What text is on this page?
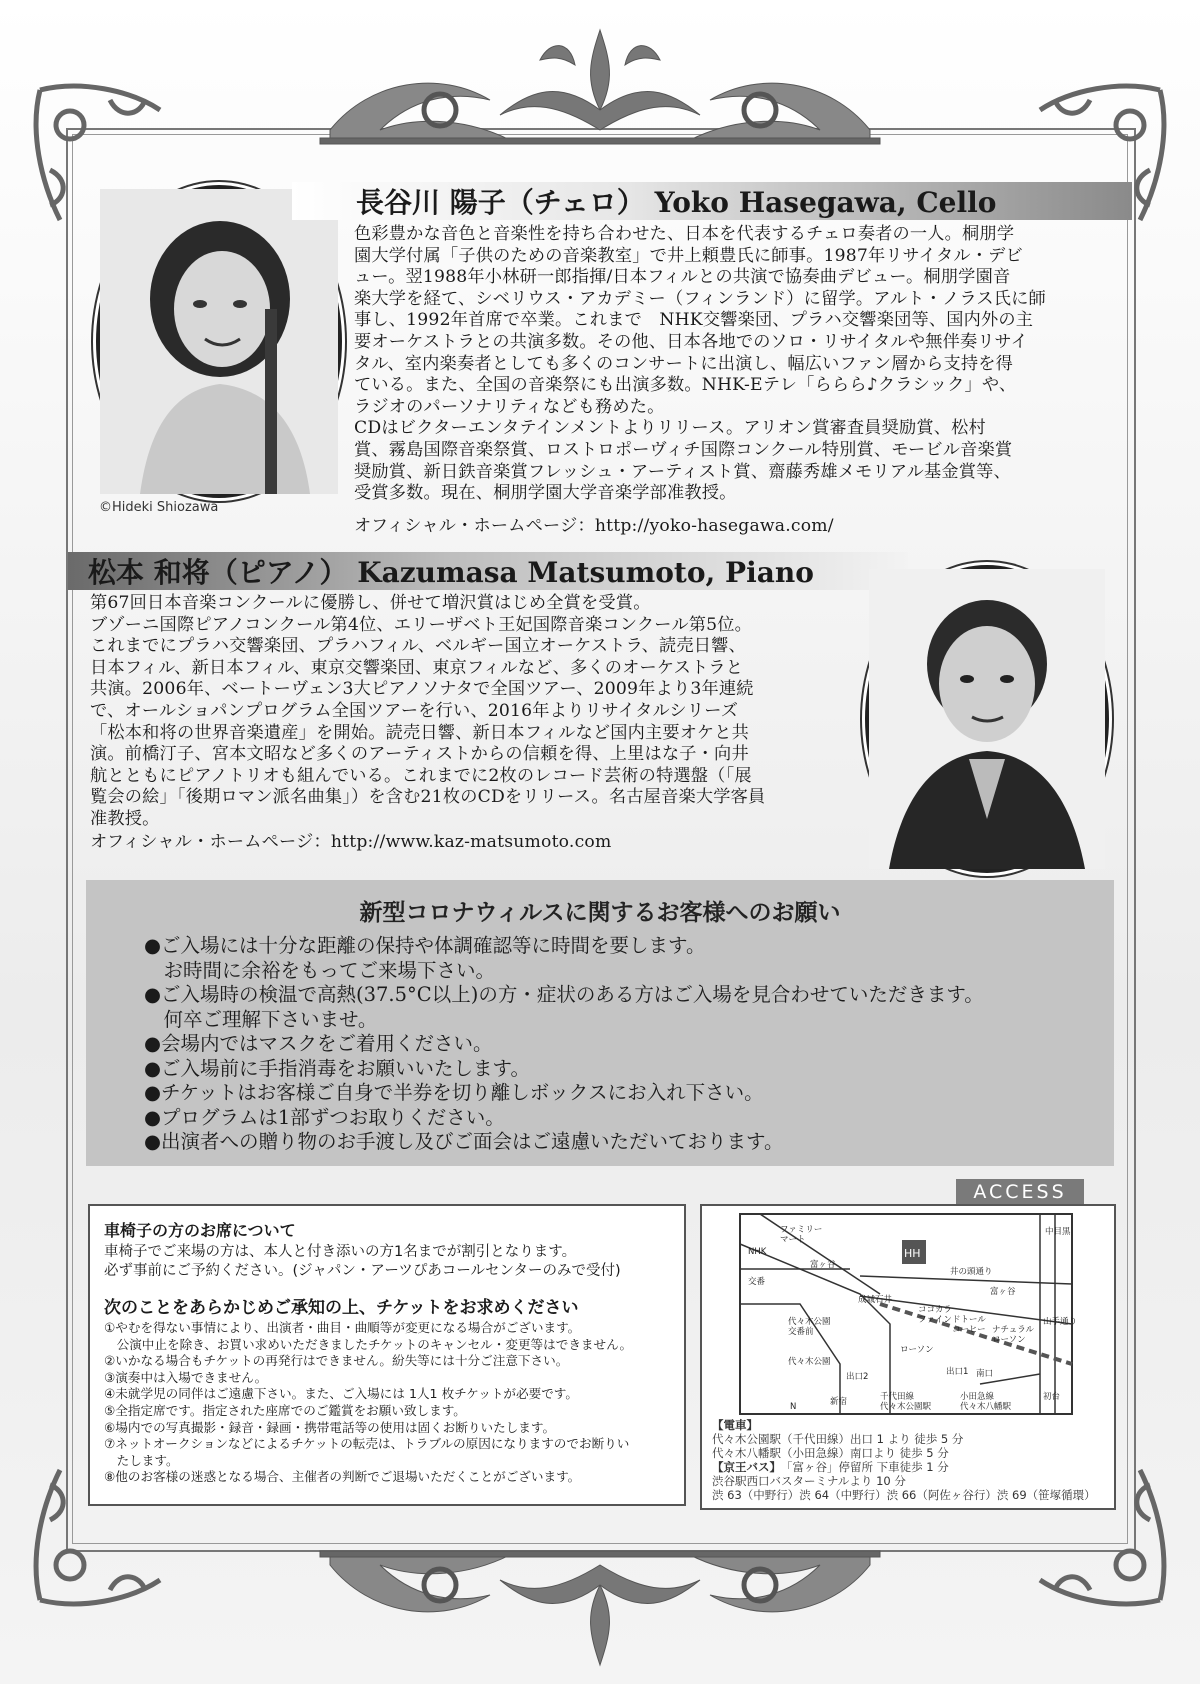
©Hideki Shiozawa
長谷川 陽子（チェロ） Yoko Hasegawa, Cello
色彩豊かな音色と音楽性を持ち合わせた、日本を代表するチェロ奏者の一人。桐朋学
園大学付属「子供のための音楽教室」で井上頼豊氏に師事。1987年リサイタル・デビ
ュー。翌1988年小林研一郎指揮/日本フィルとの共演で協奏曲デビュー。桐朋学園音
楽大学を経て、シベリウス・アカデミー（フィンランド）に留学。アルト・ノラス氏に師
事し、1992年首席で卒業。これまで　NHK交響楽団、プラハ交響楽団等、国内外の主
要オーケストラとの共演多数。その他、日本各地でのソロ・リサイタルや無伴奏リサイ
タル、室内楽奏者としても多くのコンサートに出演し、幅広いファン層から支持を得
ている。また、全国の音楽祭にも出演多数。NHK-Eテレ「ららら♪クラシック」や、
ラジオのパーソナリティなども務めた。
CDはビクターエンタテインメントよりリリース。アリオン賞審査員奨励賞、松村
賞、霧島国際音楽祭賞、ロストロポーヴィチ国際コンクール特別賞、モービル音楽賞
奨励賞、新日鉄音楽賞フレッシュ・アーティスト賞、齋藤秀雄メモリアル基金賞等、
受賞多数。現在、桐朋学園大学音楽学部准教授。
オフィシャル・ホームページ：http://yoko-hasegawa.com/
松本 和将（ピアノ） Kazumasa Matsumoto, Piano
第67回日本音楽コンクールに優勝し、併せて増沢賞はじめ全賞を受賞。
ブゾーニ国際ピアノコンクール第4位、エリーザベト王妃国際音楽コンクール第5位。
これまでにプラハ交響楽団、プラハフィル、ベルギー国立オーケストラ、読売日響、
日本フィル、新日本フィル、東京交響楽団、東京フィルなど、多くのオーケストラと
共演。2006年、ベートーヴェン3大ピアノソナタで全国ツアー、2009年より3年連続
で、オールショパンプログラム全国ツアーを行い、2016年よりリサイタルシリーズ
「松本和将の世界音楽遺産」を開始。読売日響、新日本フィルなど国内主要オケと共
演。前橋汀子、宮本文昭など多くのアーティストからの信頼を得、上里はな子・向井
航とともにピアノトリオも組んでいる。これまでに2枚のレコード芸術の特選盤（「展
覧会の絵」「後期ロマン派名曲集」）を含む21枚のCDをリリース。名古屋音楽大学客員
准教授。
オフィシャル・ホームページ：http://www.kaz-matsumoto.com
新型コロナウィルスに関するお客様へのお願い
●ご入場には十分な距離の保持や体調確認等に時間を要します。
　お時間に余裕をもってご来場下さい。
●ご入場時の検温で高熱(37.5°C以上)の方・症状のある方はご入場を見合わせていただきます。
　何卒ご理解下さいませ。
●会場内ではマスクをご着用ください。
●ご入場前に手指消毒をお願いいたします。
●チケットはお客様ご自身で半券を切り離しボックスにお入れ下さい。
●プログラムは1部ずつお取りください。
●出演者への贈り物のお手渡し及びご面会はご遠慮いただいております。
車椅子の方のお席について
車椅子でご来場の方は、本人と付き添いの方1名までが割引となります。
必ず事前にご予約ください。(ジャパン・アーツぴあコールセンターのみで受付)
次のことをあらかじめご承知の上、チケットをお求めください
①やむを得ない事情により、出演者・曲目・曲順等が変更になる場合がございます。
　公演中止を除き、お買い求めいただきましたチケットのキャンセル・変更等はできません。
②いかなる場合もチケットの再発行はできません。紛失等には十分ご注意下さい。
③演奏中は入場できません。
④未就学児の同伴はご遠慮下さい。また、ご入場には 1人1 枚チケットが必要です。
⑤全指定席です。指定された座席でのご鑑賞をお願い致します。
⑥場内での写真撮影・録音・録画・携帯電話等の使用は固くお断りいたします。
⑦ネットオークションなどによるチケットの転売は、トラブルの原因になりますのでお断りい
　たします。
⑧他のお客様の迷惑となる場合、主催者の判断でご退場いただくことがございます。
ACCESS
HH
ファミリーマート
NHK
交番
富ヶ谷
富ヶ谷
井の頭通り
成城石井
ココカラファイン ドトールコーヒー ナチュラルローソン
ローソン
代々木公園交番前
代々木公園
出口2	出口1 南口
千代田線代々木公園駅
小田急線代々木八幡駅
中目黒
山手通り
新宿	初台
N
【電車】
代々木公園駅（千代田線）出口 1 より 徒歩 5 分
代々木八幡駅（小田急線）南口より 徒歩 5 分
【京王バス】 「富ヶ谷」停留所 下車徒歩 1 分
渋谷駅西口バスターミナルより 10 分
渋 63（中野行）渋 64（中野行）渋 66（阿佐ヶ谷行）渋 69（笹塚循環）
